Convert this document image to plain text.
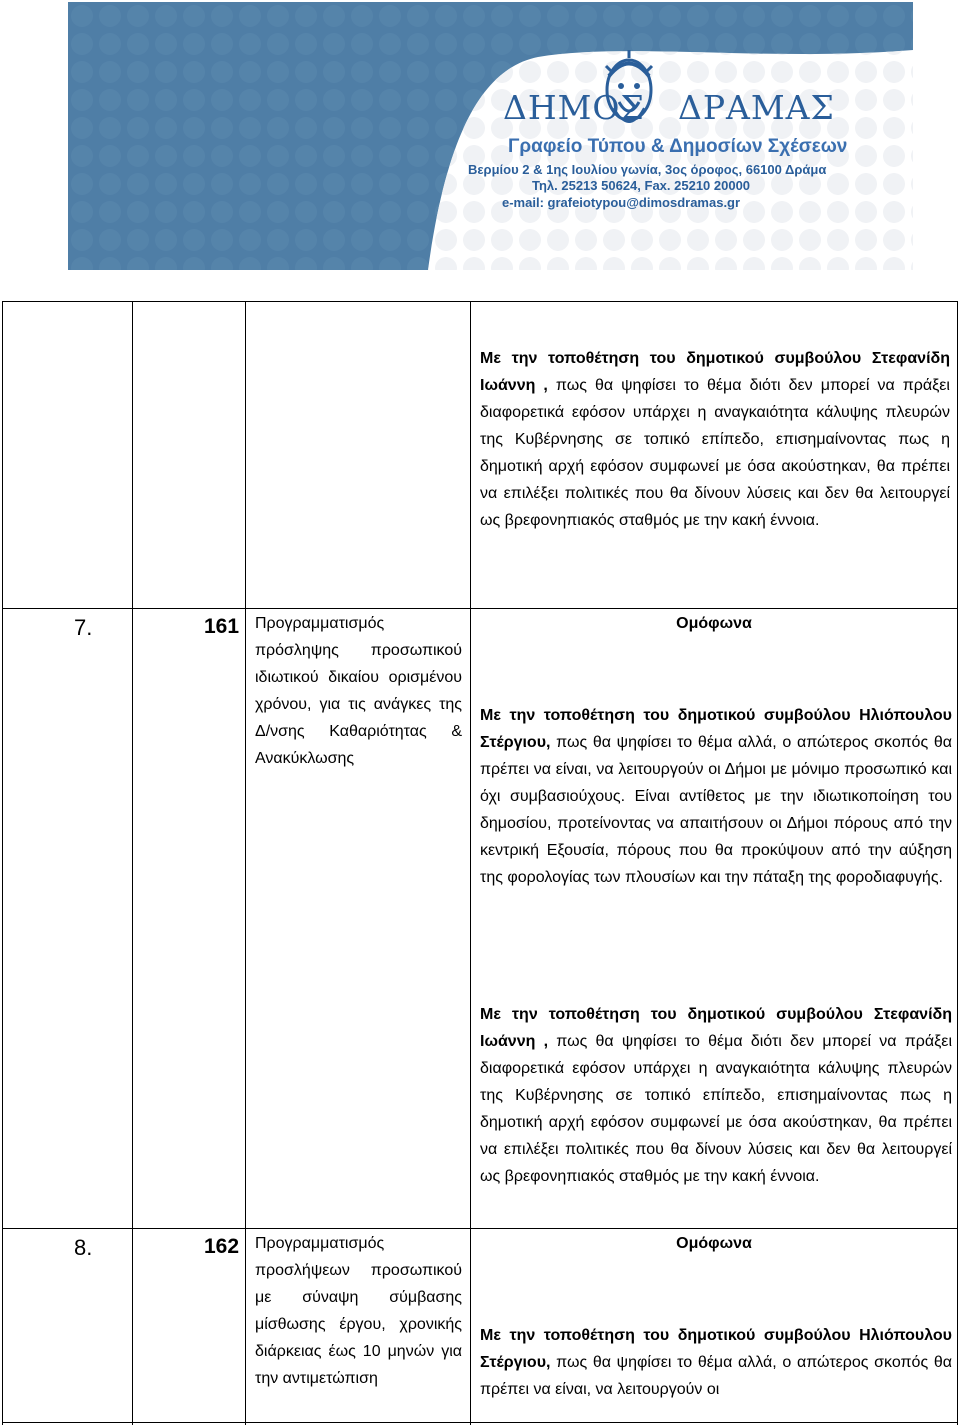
ΔΗΜΟΣ ΔΡΑΜΑΣ
Γραφείο Τύπου & Δημοσίων Σχέσεων
Βερμίου 2 & 1ης Ιουλίου γωνία, 3ος όροφος, 66100 Δράμα
Τηλ. 25213 50624, Fax. 25210 20000
e-mail: grafeiotypou@dimosdramas.gr
Με την τοποθέτηση του δημοτικού συμβούλου Στεφανίδη Ιωάννη , πως θα ψηφίσει το θέμα διότι δεν μπορεί να πράξει διαφορετικά εφόσον υπάρχει η αναγκαιότητα κάλυψης πλευρών της Κυβέρνησης σε τοπικό επίπεδο, επισημαίνοντας πως η δημοτική αρχή εφόσον συμφωνεί με όσα ακούστηκαν, θα πρέπει να επιλέξει πολιτικές που θα δίνουν λύσεις και δεν θα λειτουργεί ως βρεφονηπιακός σταθμός με την κακή έννοια.
7.	161 Προγραμματισμός πρόσληψης προσωπικού ιδιωτικού δικαίου ορισμένου χρόνου, για τις ανάγκες της Δ/νσης Καθαριότητας & Ανακύκλωσης
Ομόφωνα
Με την τοποθέτηση του δημοτικού συμβούλου Ηλιόπουλου Στέργιου, πως θα ψηφίσει το θέμα αλλά, ο απώτερος σκοπός θα πρέπει να είναι, να λειτουργούν οι Δήμοι με μόνιμο προσωπικό και όχι συμβασιούχους. Είναι αντίθετος με την ιδιωτικοποίηση του δημοσίου, προτείνοντας να απαιτήσουν οι Δήμοι πόρους από την κεντρική Εξουσία, πόρους που θα προκύψουν από την αύξηση της φορολογίας των πλουσίων και την πάταξη της φοροδιαφυγής.
Με την τοποθέτηση του δημοτικού συμβούλου Στεφανίδη Ιωάννη , πως θα ψηφίσει το θέμα διότι δεν μπορεί να πράξει διαφορετικά εφόσον υπάρχει η αναγκαιότητα κάλυψης πλευρών της Κυβέρνησης σε τοπικό επίπεδο, επισημαίνοντας πως η δημοτική αρχή εφόσον συμφωνεί με όσα ακούστηκαν, θα πρέπει να επιλέξει πολιτικές που θα δίνουν λύσεις και δεν θα λειτουργεί ως βρεφονηπιακός σταθμός με την κακή έννοια.
8.	162 Προγραμματισμός προσλήψεων προσωπικού με σύναψη σύμβασης μίσθωσης έργου, χρονικής διάρκειας έως 10 μηνών για την αντιμετώπιση
Ομόφωνα
Με την τοποθέτηση του δημοτικού συμβούλου Ηλιόπουλου Στέργιου, πως θα ψηφίσει το θέμα αλλά, ο απώτερος σκοπός θα πρέπει να είναι, να λειτουργούν οι
